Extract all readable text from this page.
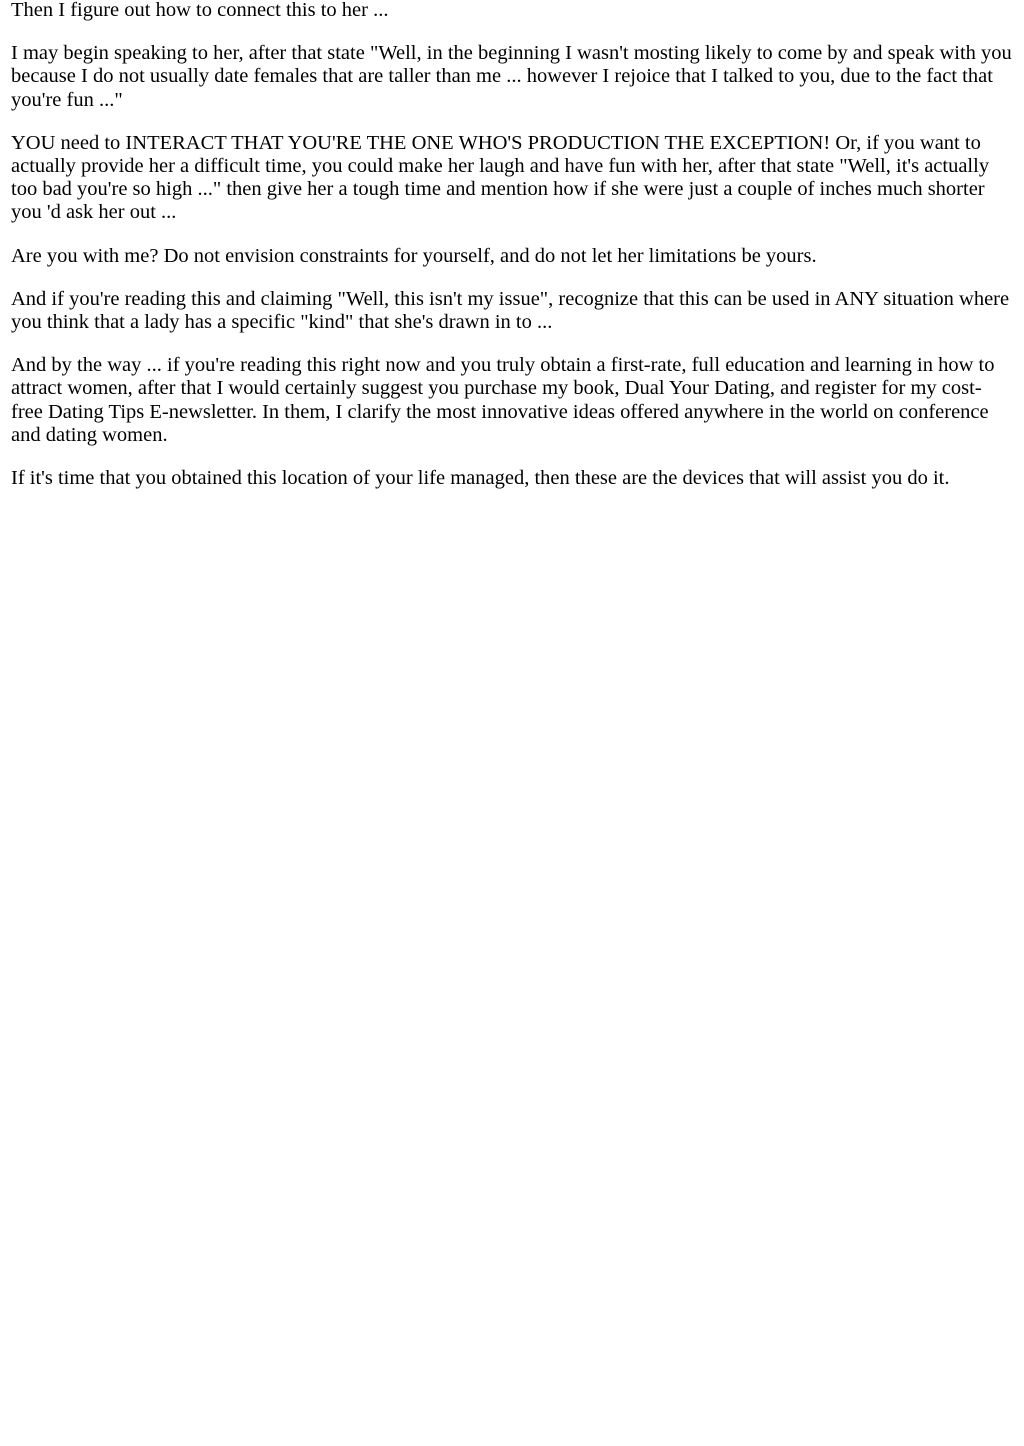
Then I figure out how to connect this to her ...

I may begin speaking to her, after that state "Well, in the beginning I wasn't mosting likely to come by and speak with you because I do not usually date females that are taller than me ... however I rejoice that I talked to you, due to the fact that you're fun ..."

YOU need to INTERACT THAT YOU'RE THE ONE WHO'S PRODUCTION THE EXCEPTION! Or, if you want to actually provide her a difficult time, you could make her laugh and have fun with her, after that state "Well, it's actually too bad you're so high ..." then give her a tough time and mention how if she were just a couple of inches much shorter you 'd ask her out ...

Are you with me? Do not envision constraints for yourself, and do not let her limitations be yours.

And if you're reading this and claiming "Well, this isn't my issue", recognize that this can be used in ANY situation where you think that a lady has a specific "kind" that she's drawn in to ...

And by the way ... if you're reading this right now and you truly obtain a first-rate, full education and learning in how to attract women, after that I would certainly suggest you purchase my book, Dual Your Dating, and register for my cost-free Dating Tips E-newsletter. In them, I clarify the most innovative ideas offered anywhere in the world on conference and dating women.

If it's time that you obtained this location of your life managed, then these are the devices that will assist you do it.
